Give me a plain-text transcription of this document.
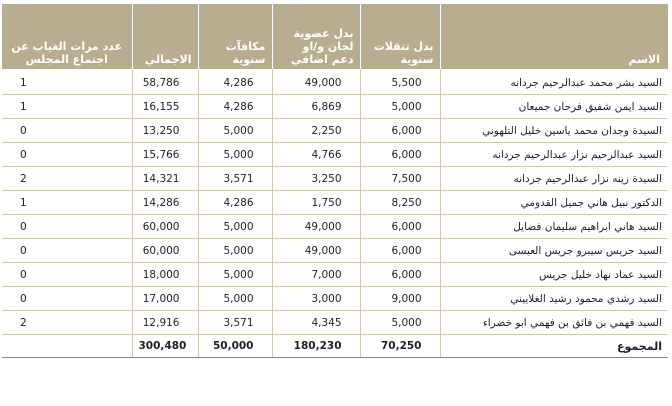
عدد مرات الغياب عن اجتماع المجلس	الاجمالي	مكافآت سنوية	بدل عضوية لجان و/او دعم اضافي	بدل تنقلات سنوية	الاسم

1	58,786	4,286	49,000	5,500	السيد بشر محمد عبدالرحيم جردانه
1	16,155	4,286	6,869	5,000	السيد ايمن شفيق فرحان جميعان
0	13,250	5,000	2,250	6,000	السيدة وجدان محمد ياسين خليل التلهوني
0	15,766	5,000	4,766	6,000	السيد عبدالرحيم نزار عبدالرحيم جردانه
2	14,321	3,571	3,250	7,500	السيدة زينه نزار عبدالرحيم جردانه
1	14,286	4,286	1,750	8,250	الدكتور نبيل هاني جميل القدومي
0	60,000	5,000	49,000	6,000	السيد هاني ابراهيم سليمان فضايل
0	60,000	5,000	49,000	6,000	السيد جريس سيبرو جريس العيسى
0	18,000	5,000	7,000	6,000	السيد عماد نهاد خليل جريس
0	17,000	5,000	3,000	9,000	السيد رشدي محمود رشيد الغلاييني
2	12,916	3,571	4,345	5,000	السيد فهمي بن فائق بن فهمي ابو خضراء
	300,480	50,000	180,230	70,250	المجموع
